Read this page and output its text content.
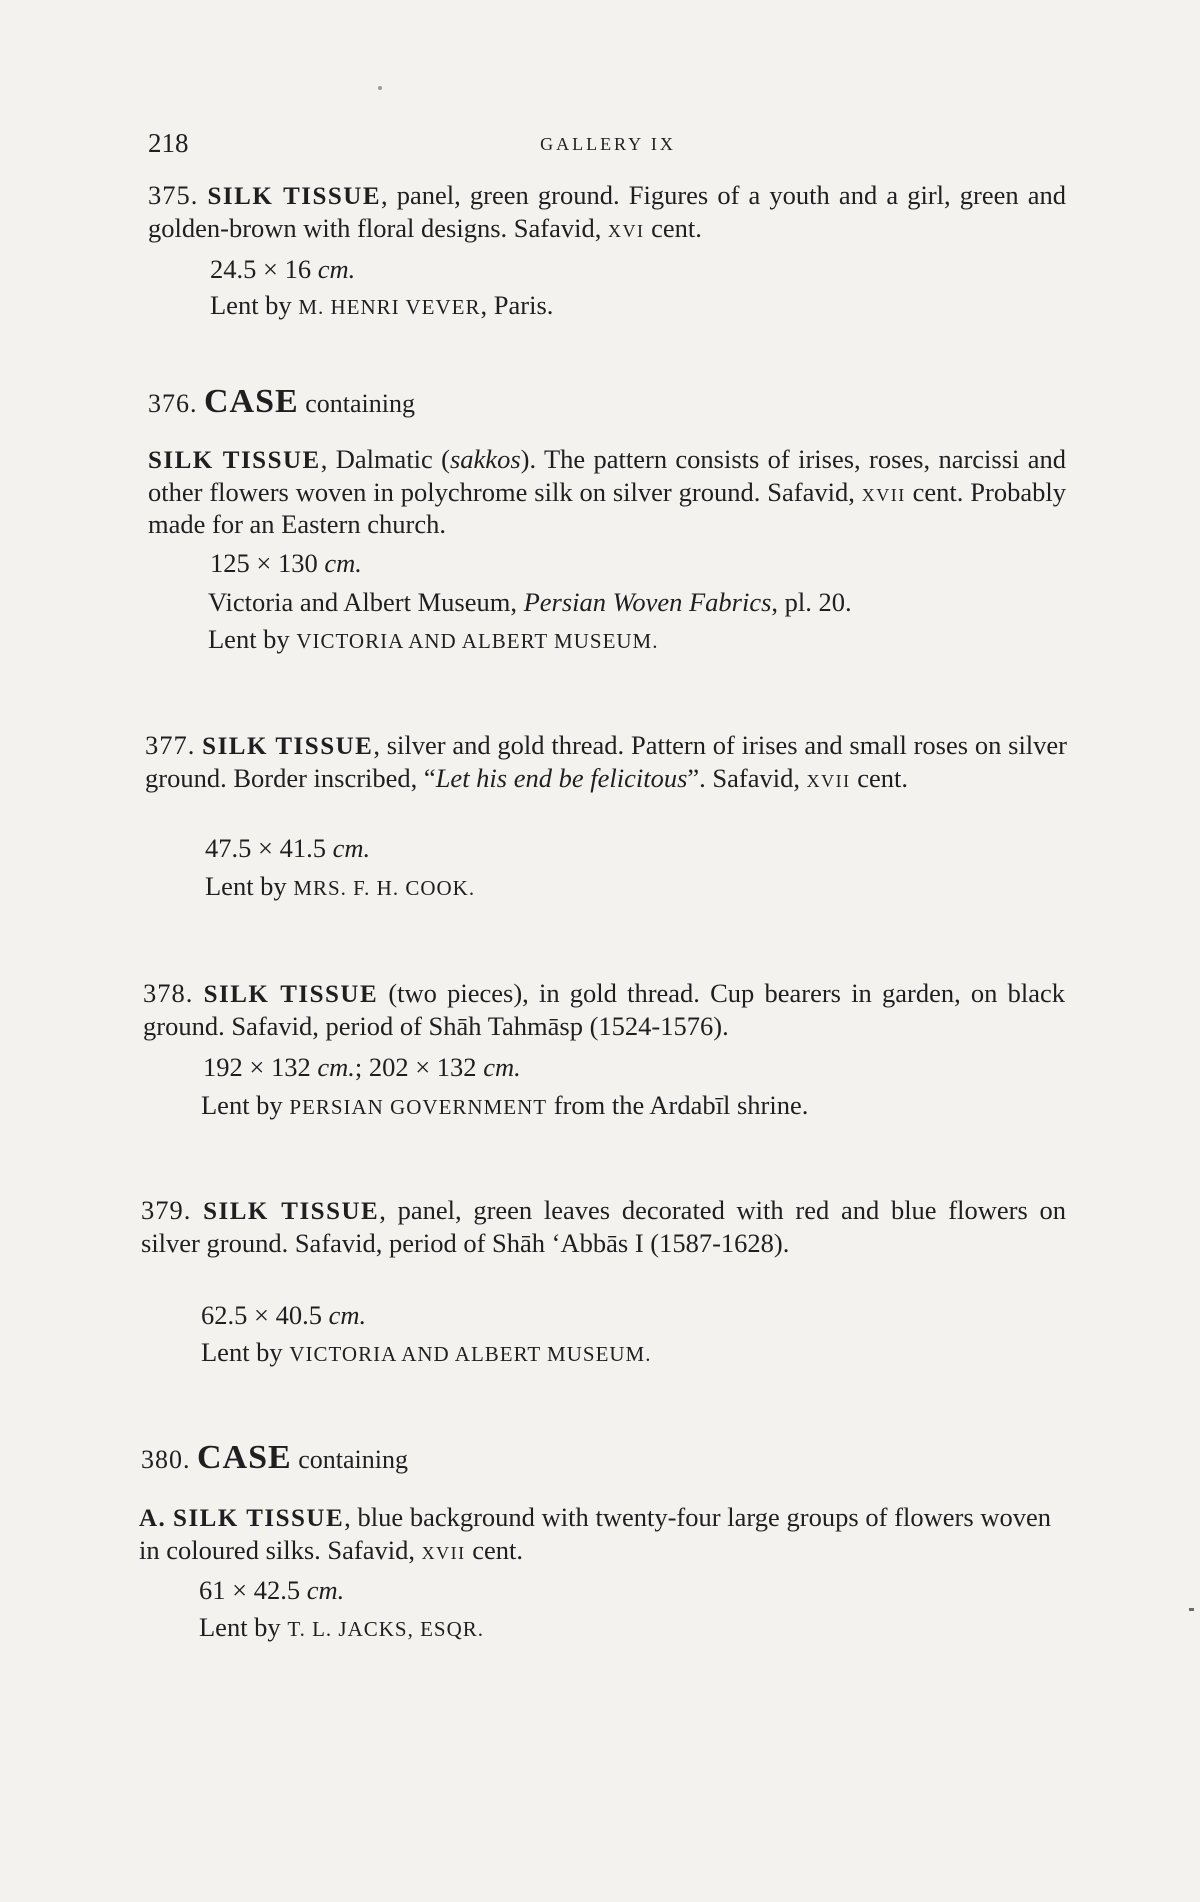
218	GALLERY IX
375. SILK TISSUE, panel, green ground. Figures of a youth and a girl, green and golden-brown with floral designs. Safavid, xvi cent.
24.5 × 16 cm.
Lent by M. HENRI VEVER, Paris.
376. CASE containing
SILK TISSUE, Dalmatic (sakkos). The pattern consists of irises, roses, narcissi and other flowers woven in polychrome silk on silver ground. Safavid, xvii cent. Probably made for an Eastern church.
125 × 130 cm.
Victoria and Albert Museum, Persian Woven Fabrics, pl. 20.
Lent by VICTORIA AND ALBERT MUSEUM.
377. SILK TISSUE, silver and gold thread. Pattern of irises and small roses on silver ground. Border inscribed, “Let his end be felicitous”. Safavid, xvii cent.
47.5 × 41.5 cm.
Lent by MRS. F. H. COOK.
378. SILK TISSUE (two pieces), in gold thread. Cup bearers in garden, on black ground. Safavid, period of Shāh Tahmāsp (1524-1576).
192 × 132 cm.; 202 × 132 cm.
Lent by PERSIAN GOVERNMENT from the Ardabīl shrine.
379. SILK TISSUE, panel, green leaves decorated with red and blue flowers on silver ground. Safavid, period of Shāh ‘Abbās I (1587-1628).
62.5 × 40.5 cm.
Lent by VICTORIA AND ALBERT MUSEUM.
380. CASE containing
A. SILK TISSUE, blue background with twenty-four large groups of flowers woven in coloured silks. Safavid, xvii cent.
61 × 42.5 cm.
Lent by T. L. JACKS, ESQR.
